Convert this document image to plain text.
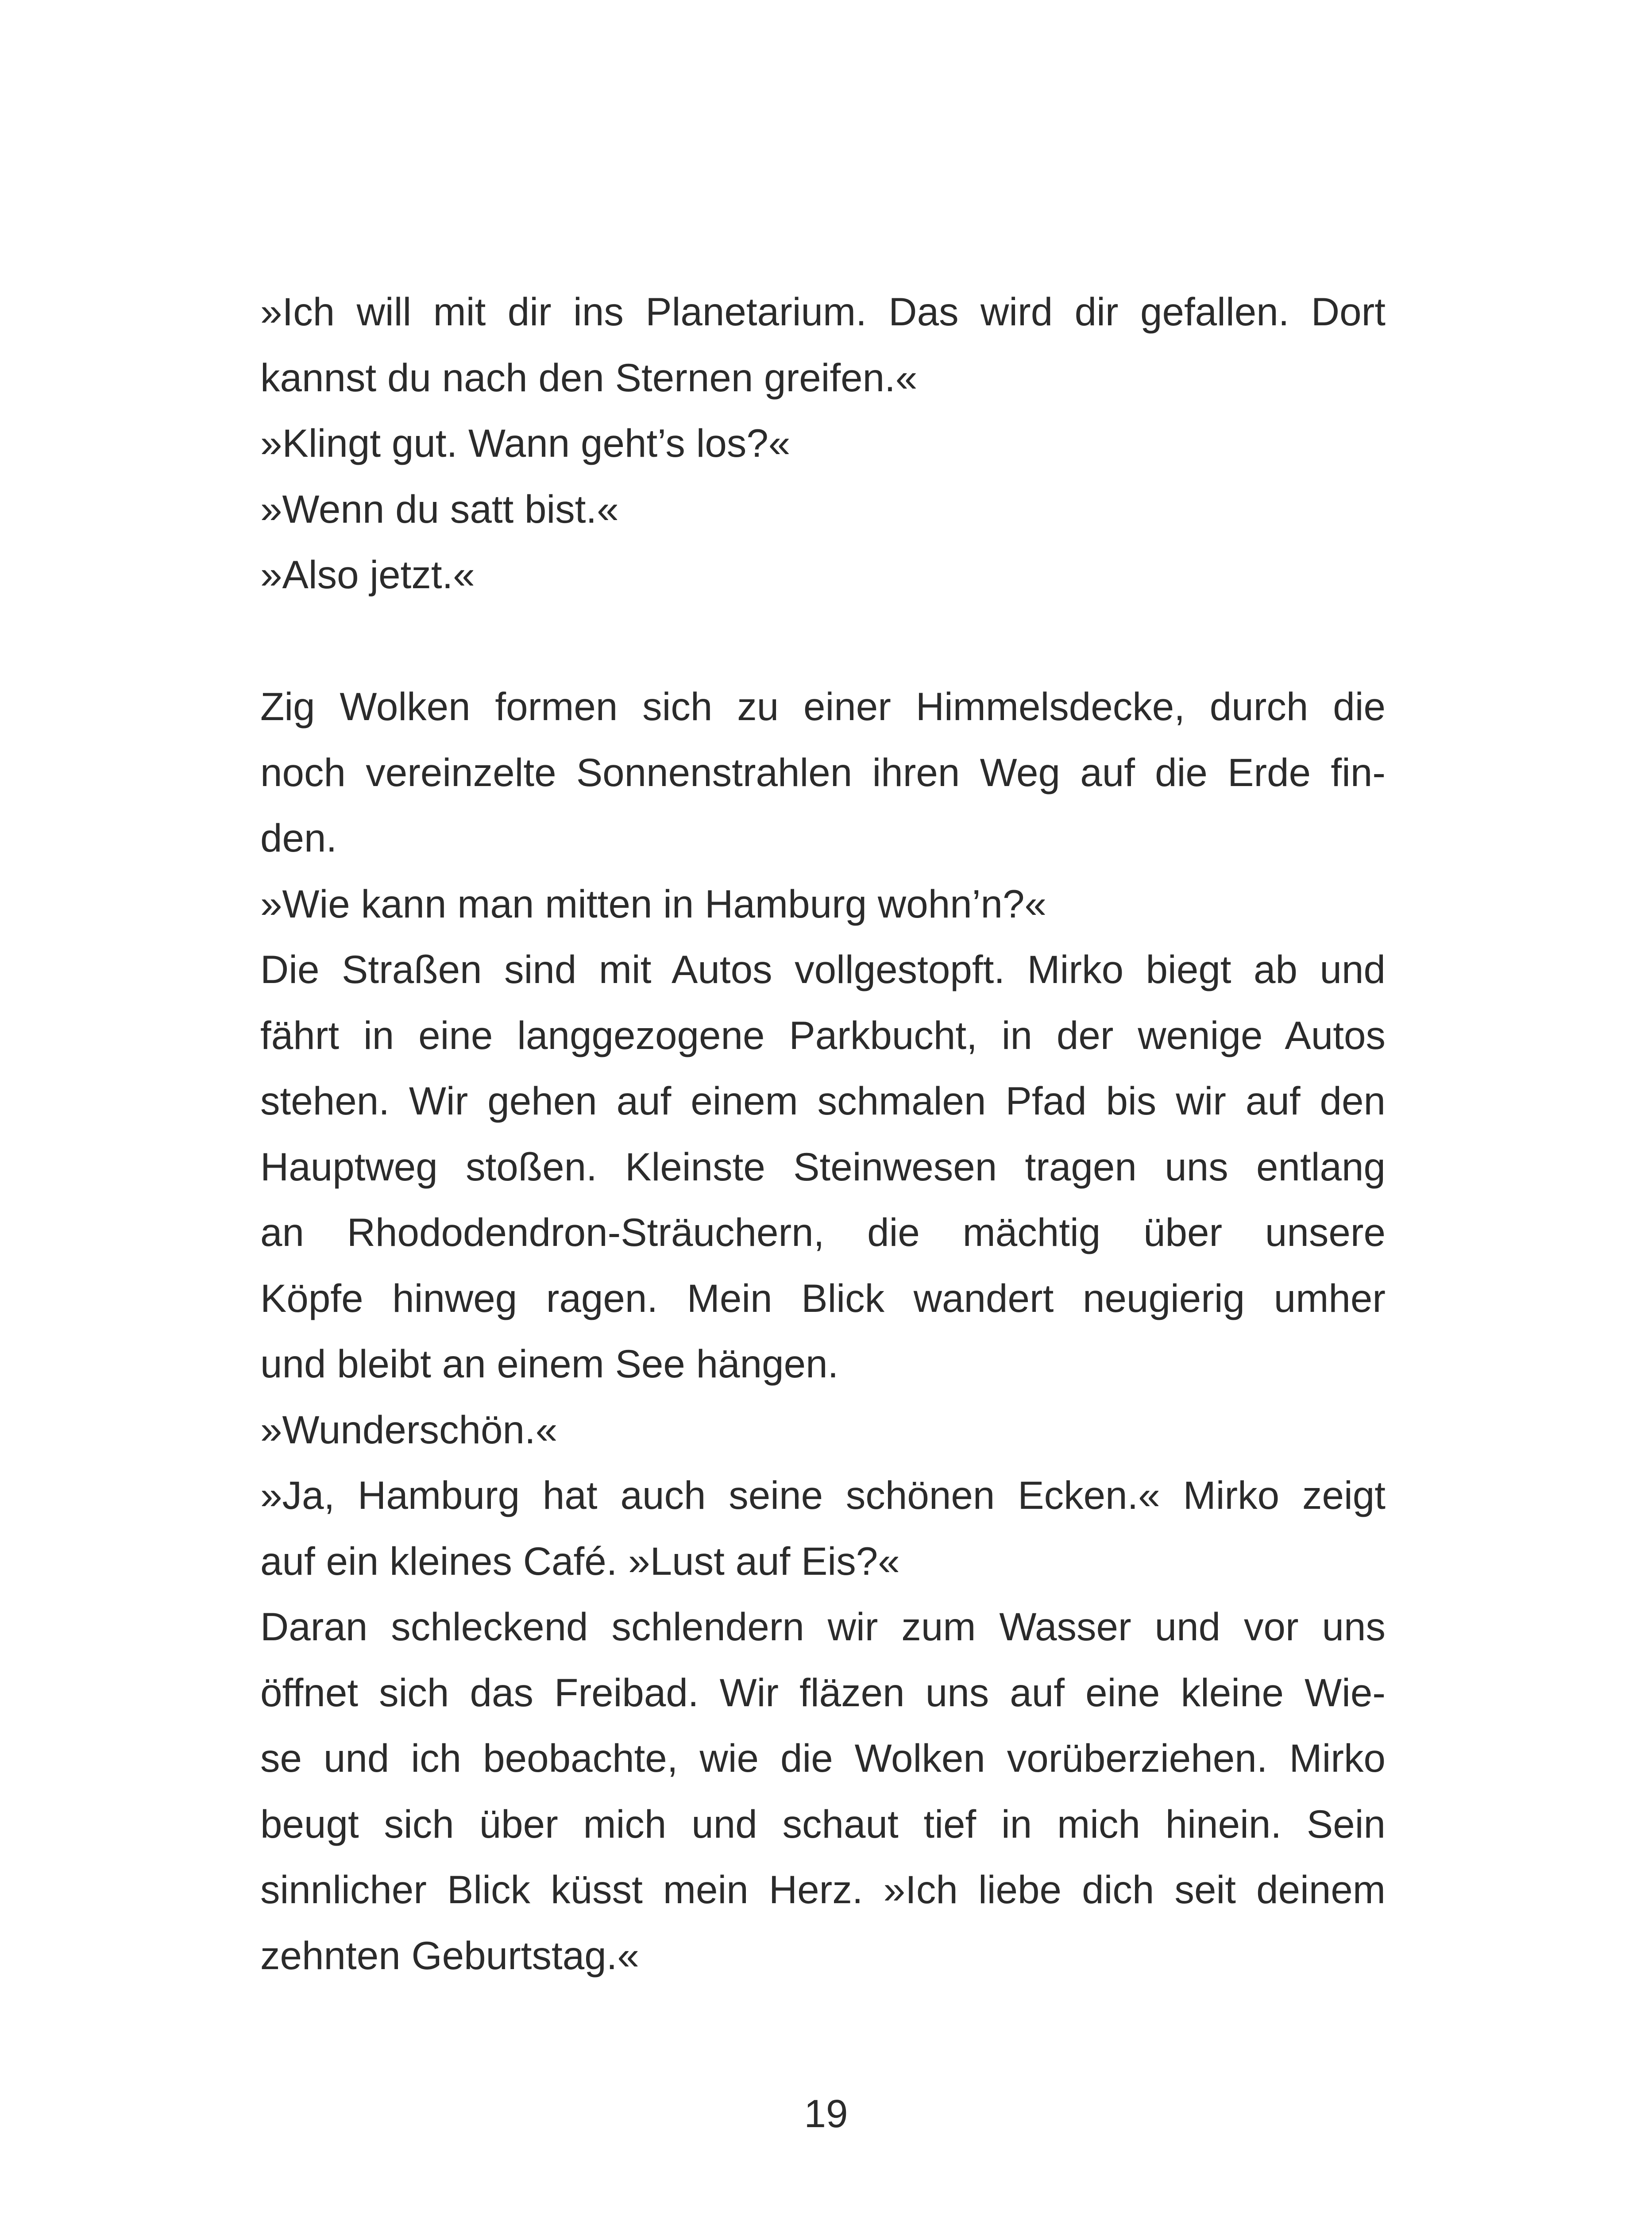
»Ich will mit dir ins Planetarium. Das wird dir gefallen. Dort
kannst du nach den Sternen greifen.«
»Klingt gut. Wann geht’s los?«
»Wenn du satt bist.«
»Also jetzt.«
Zig Wolken formen sich zu einer Himmelsdecke, durch die
noch vereinzelte Sonnenstrahlen ihren Weg auf die Erde fin-
den.
»Wie kann man mitten in Hamburg wohn’n?«
Die Straßen sind mit Autos vollgestopft. Mirko biegt ab und
fährt in eine langgezogene Parkbucht, in der wenige Autos
stehen. Wir gehen auf einem schmalen Pfad bis wir auf den
Hauptweg stoßen. Kleinste Steinwesen tragen uns entlang
an Rhododendron-Sträuchern, die mächtig über unsere
Köpfe hinweg ragen. Mein Blick wandert neugierig umher
und bleibt an einem See hängen.
»Wunderschön.«
»Ja, Hamburg hat auch seine schönen Ecken.« Mirko zeigt
auf ein kleines Café. »Lust auf Eis?«
Daran schleckend schlendern wir zum Wasser und vor uns
öffnet sich das Freibad. Wir fläzen uns auf eine kleine Wie-
se und ich beobachte, wie die Wolken vorüberziehen. Mirko
beugt sich über mich und schaut tief in mich hinein. Sein
sinnlicher Blick küsst mein Herz. »Ich liebe dich seit deinem
zehnten Geburtstag.«
19
